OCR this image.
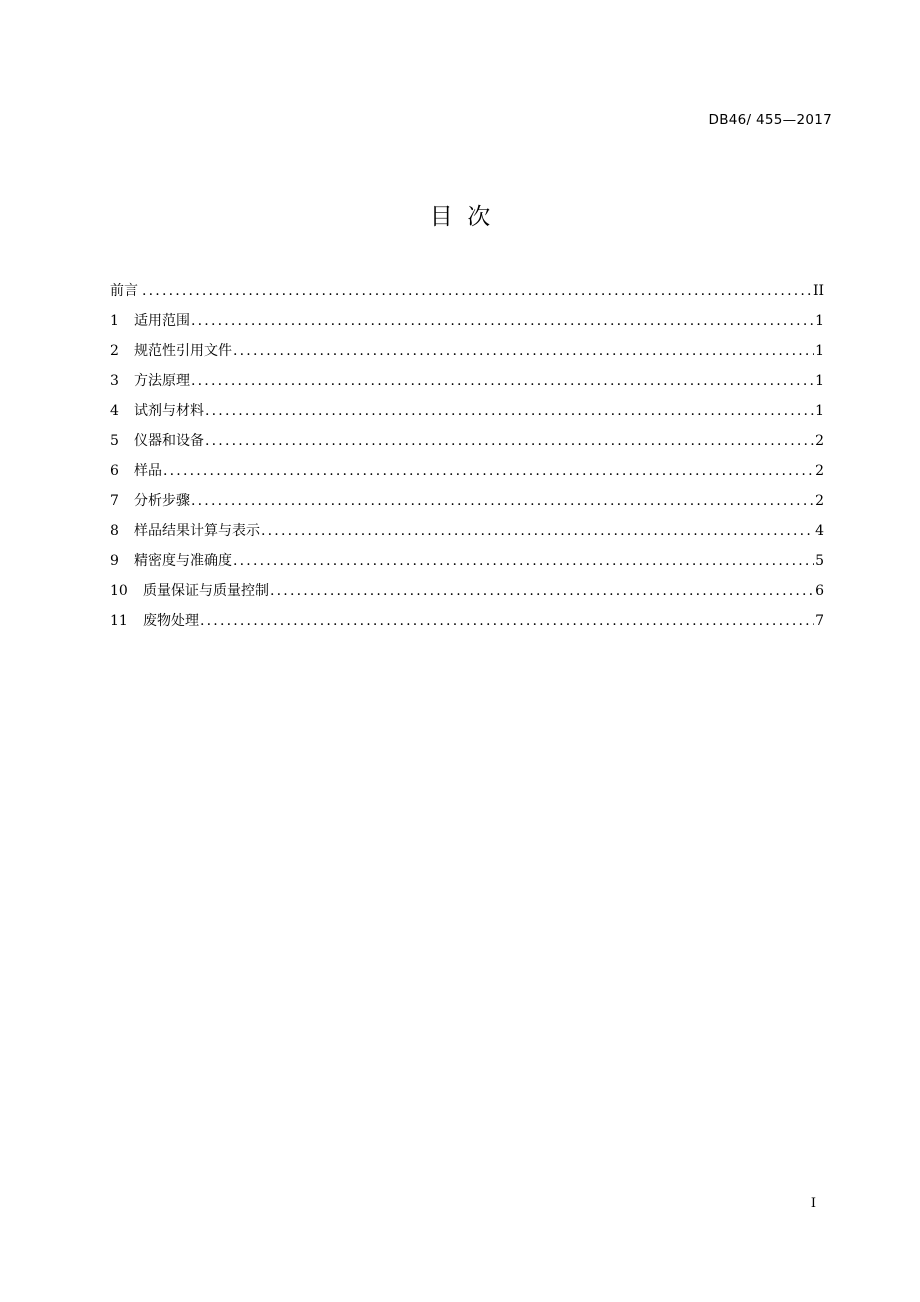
DB46/ 455—2017
目  次
前言 .....	II
1	适用范围 .....	1
2	规范性引用文件 .....	1
3	方法原理 .....	1
4	试剂与材料 .....	1
5	仪器和设备 .....	2
6	样品 .....	2
7	分析步骤 .....	2
8	样品结果计算与表示 .....	4
9	精密度与准确度 .....	5
10	质量保证与质量控制 .....	6
11	废物处理 .....	7
I
